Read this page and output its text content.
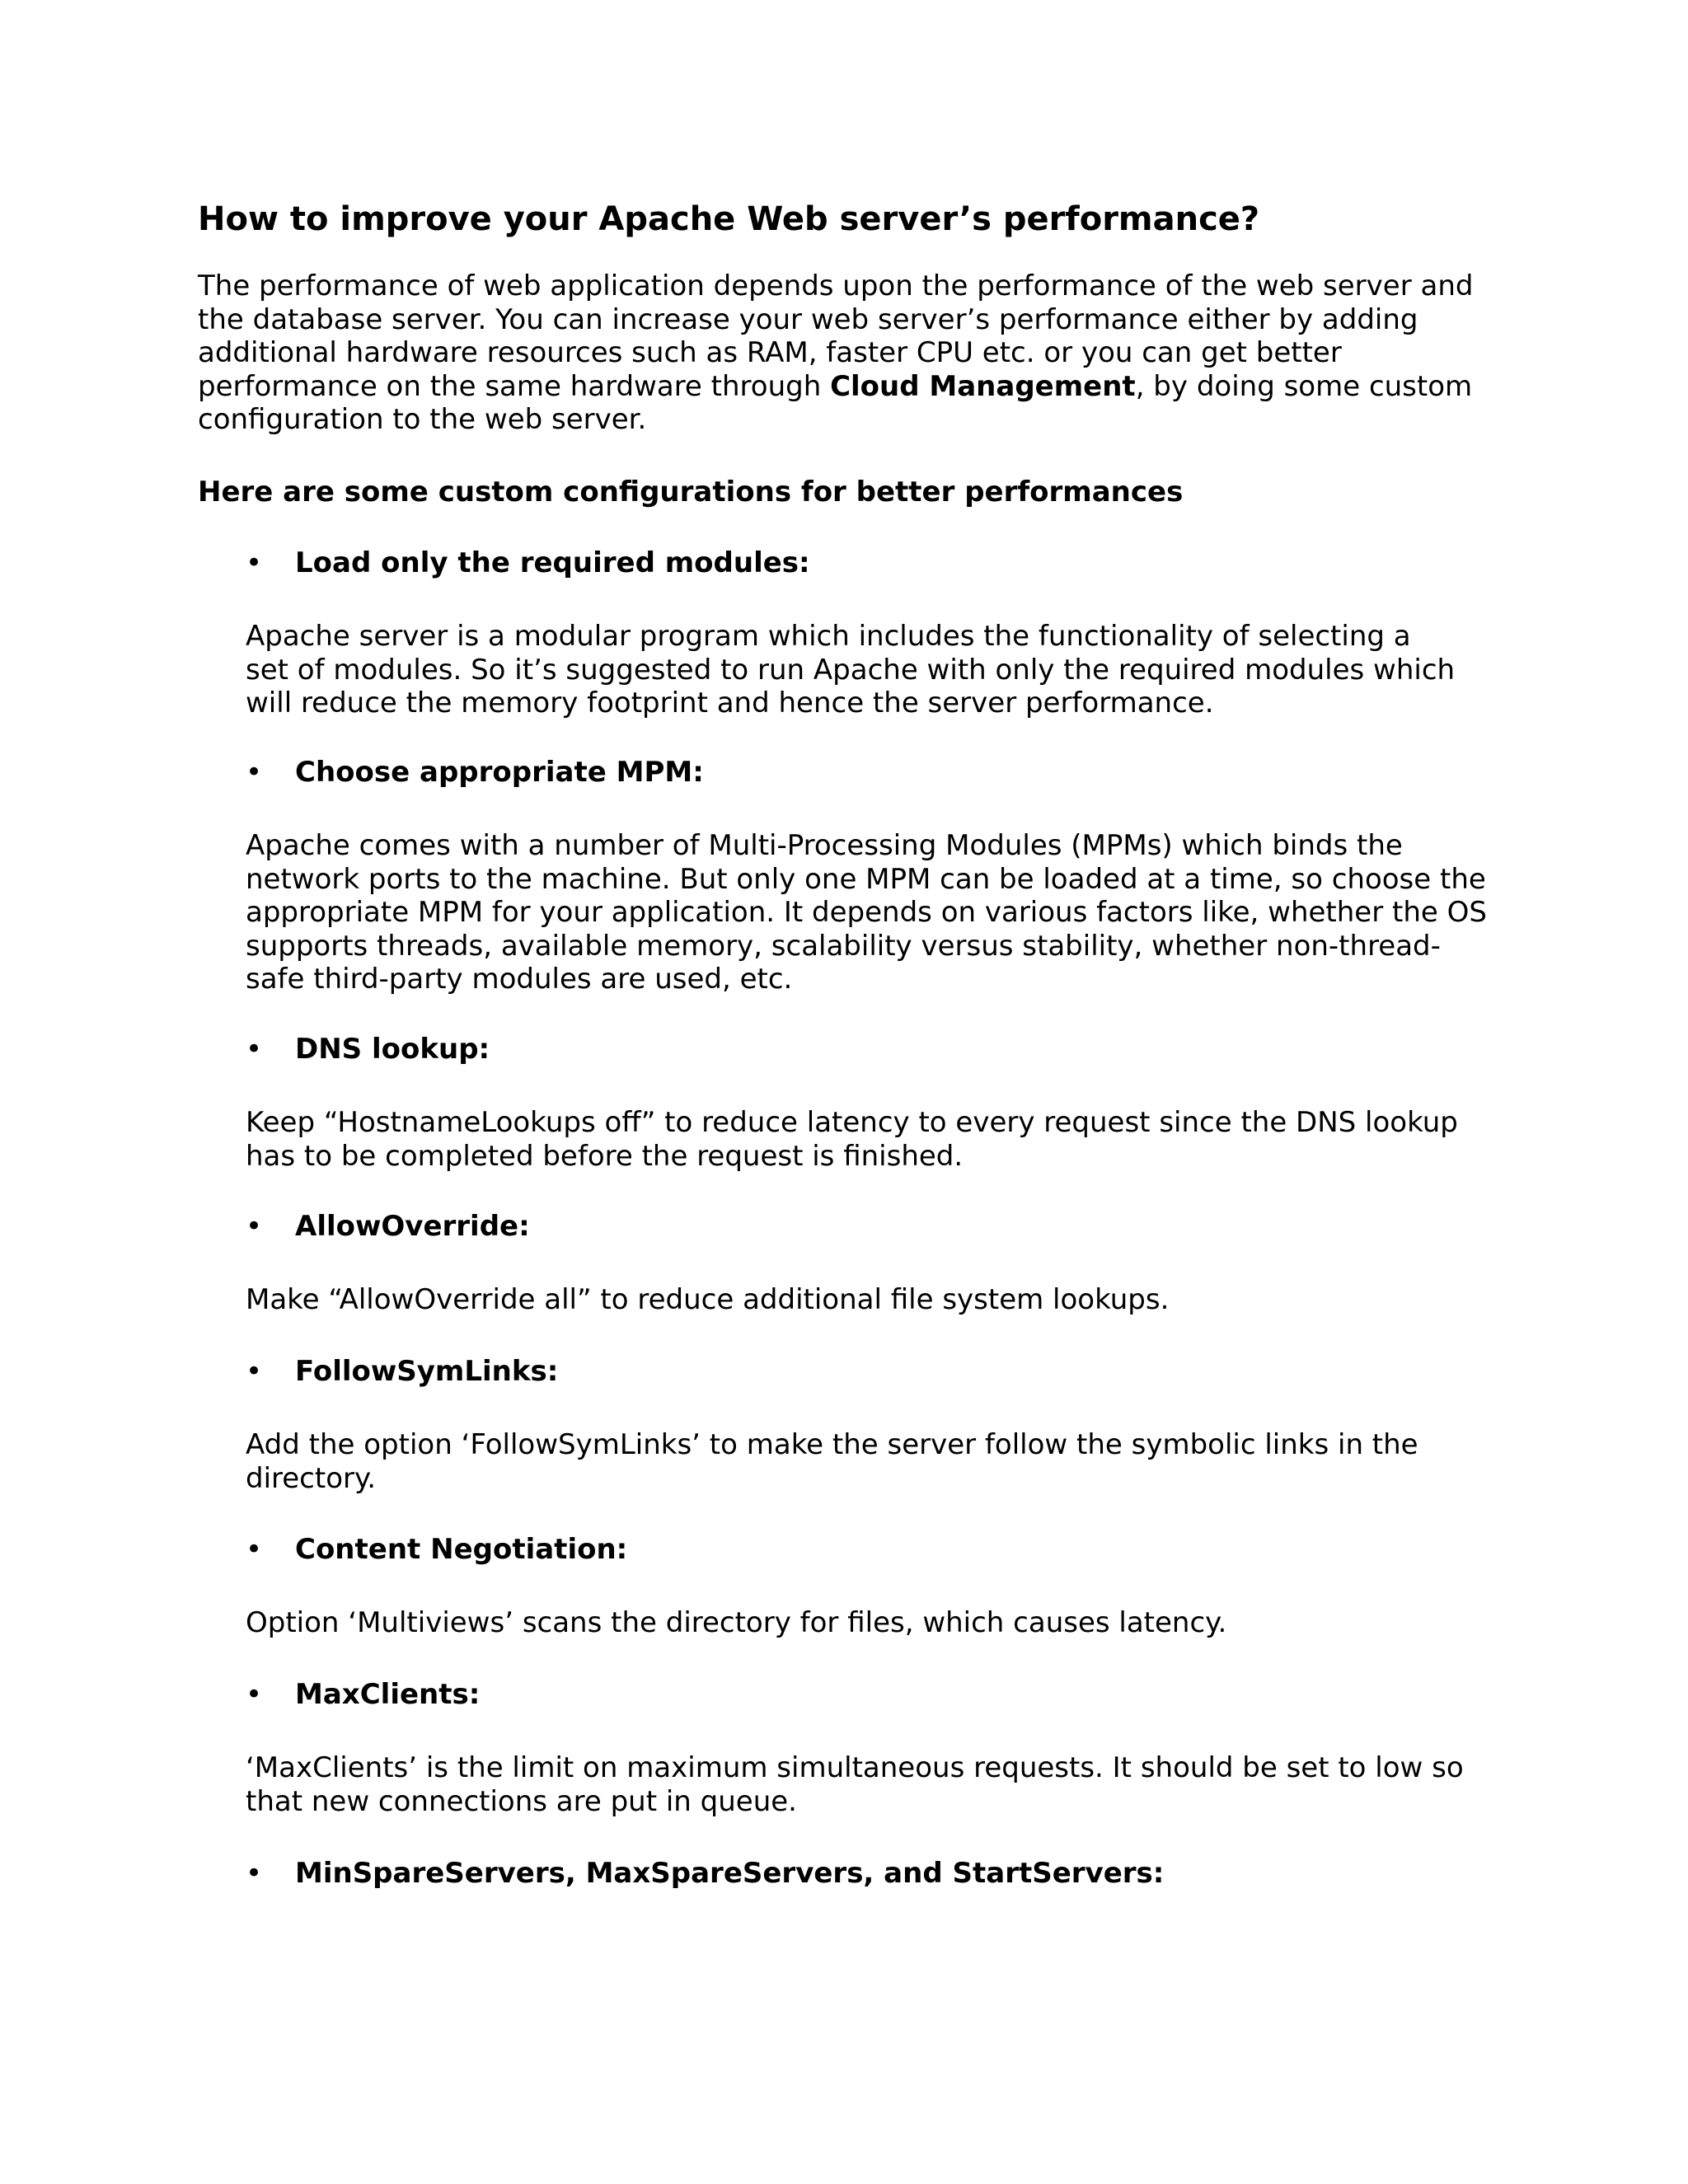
How to improve your Apache Web server’s performance?

The performance of web application depends upon the performance of the web server and
the database server. You can increase your web server’s performance either by adding
additional hardware resources such as RAM, faster CPU etc. or you can get better
performance on the same hardware through Cloud Management, by doing some custom
configuration to the web server.

Here are some custom configurations for better performances

• Load only the required modules:

Apache server is a modular program which includes the functionality of selecting a
set of modules. So it’s suggested to run Apache with only the required modules which
will reduce the memory footprint and hence the server performance.

• Choose appropriate MPM:

Apache comes with a number of Multi-Processing Modules (MPMs) which binds the
network ports to the machine. But only one MPM can be loaded at a time, so choose the
appropriate MPM for your application. It depends on various factors like, whether the OS
supports threads, available memory, scalability versus stability, whether non-thread-
safe third-party modules are used, etc.

• DNS lookup:

Keep “HostnameLookups off” to reduce latency to every request since the DNS lookup
has to be completed before the request is finished.

• AllowOverride:

Make “AllowOverride all” to reduce additional file system lookups.

• FollowSymLinks:

Add the option ‘FollowSymLinks’ to make the server follow the symbolic links in the
directory.

• Content Negotiation:

Option ‘Multiviews’ scans the directory for files, which causes latency.

• MaxClients:

‘MaxClients’ is the limit on maximum simultaneous requests. It should be set to low so
that new connections are put in queue.

• MinSpareServers, MaxSpareServers, and StartServers:
